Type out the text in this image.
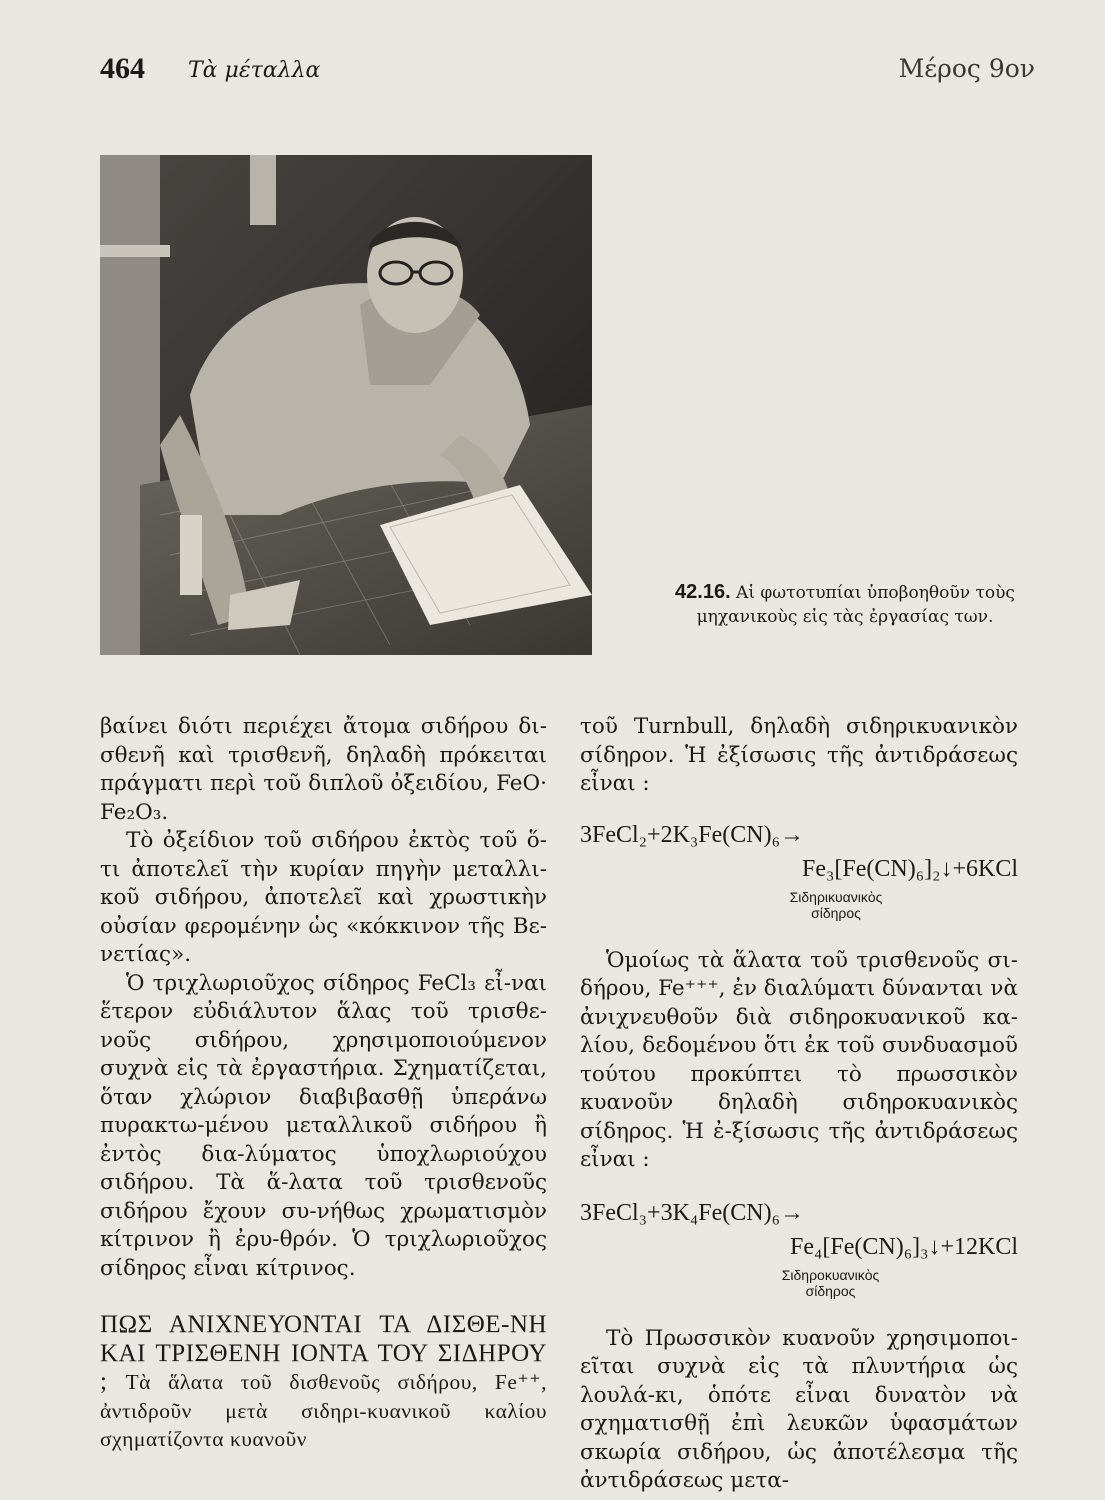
464 Τὰ μέταλλα	Μέρος 9ον
42.16. Αἱ φωτοτυπίαι ὑποβοηθοῦν τοὺς μηχανικοὺς εἰς τὰς ἐργασίας των.

βαίνει διότι περιέχει ἄτομα σιδήρου δι-σθενῆ καὶ τρισθενῆ, δηλαδὴ πρόκειται πράγματι περὶ τοῦ διπλοῦ ὀξειδίου, FeO· Fe₂O₃.

Τὸ ὀξείδιον τοῦ σιδήρου ἐκτὸς τοῦ ὅ-τι ἀποτελεῖ τὴν κυρίαν πηγὴν μεταλλι-κοῦ σιδήρου, ἀποτελεῖ καὶ χρωστικὴν οὐσίαν φερομένην ὡς «κόκκινον τῆς Βε-νετίας».

Ὁ τριχλωριοῦχος σίδηρος FeCl₃ εἶ-ναι ἕτερον εὐδιάλυτον ἅλας τοῦ τρισθε-νοῦς σιδήρου, χρησιμοποιούμενον συχνὰ εἰς τὰ ἐργαστήρια. Σχηματίζεται, ὅταν χλώριον διαβιβασθῇ ὑπεράνω πυρακτω-μένου μεταλλικοῦ σιδήρου ἢ ἐντὸς δια-λύματος ὑποχλωριούχου σιδήρου. Τὰ ἅ-λατα τοῦ τρισθενοῦς σιδήρου ἔχουν συ-νήθως χρωματισμὸν κίτρινον ἢ ἐρυ-θρόν. Ὁ τριχλωριοῦχος σίδηρος εἶναι κίτρινος.

ΠΩΣ ΑΝΙΧΝΕΥΟΝΤΑΙ ΤΑ ΔΙΣΘΕ-ΝΗ ΚΑΙ ΤΡΙΣΘΕΝΗ ΙΟΝΤΑ ΤΟΥ ΣΙΔΗΡΟΥ ; Τὰ ἅλατα τοῦ δισθενοῦς σιδήρου, Fe⁺⁺, ἀντιδροῦν μετὰ σιδηρι-κυανικοῦ καλίου σχηματίζοντα κυανοῦν

τοῦ Turnbull, δηλαδὴ σιδηρικυανικὸν σίδηρον. Ἡ ἐξίσωσις τῆς ἀντιδράσεως εἶναι :

3FeCl₂+2K₃Fe(CN)₆→
Fe₃[Fe(CN)₆]₂↓+6KCl
Σιδηρικυανικὸς σίδηρος

Ὁμοίως τὰ ἅλατα τοῦ τρισθενοῦς σι-δήρου, Fe⁺⁺⁺, ἐν διαλύματι δύνανται νὰ ἀνιχνευθοῦν διὰ σιδηροκυανικοῦ κα-λίου, δεδομένου ὅτι ἐκ τοῦ συνδυασμοῦ τούτου προκύπτει τὸ πρωσσικὸν κυανοῦν δηλαδὴ σιδηροκυανικὸς σίδηρος. Ἡ ἐ-ξίσωσις τῆς ἀντιδράσεως εἶναι :

3FeCl₃+3K₄Fe(CN)₆→
Fe₄[Fe(CN)₆]₃↓+12KCl
Σιδηροκυανικὸς σίδηρος

Τὸ Πρωσσικὸν κυανοῦν χρησιμοποι-εῖται συχνὰ εἰς τὰ πλυντήρια ὡς λουλά-κι, ὁπότε εἶναι δυνατὸν νὰ σχηματισθῇ ἐπὶ λευκῶν ὑφασμάτων σκωρία σιδήρου, ὡς ἀποτέλεσμα τῆς ἀντιδράσεως μετα-
